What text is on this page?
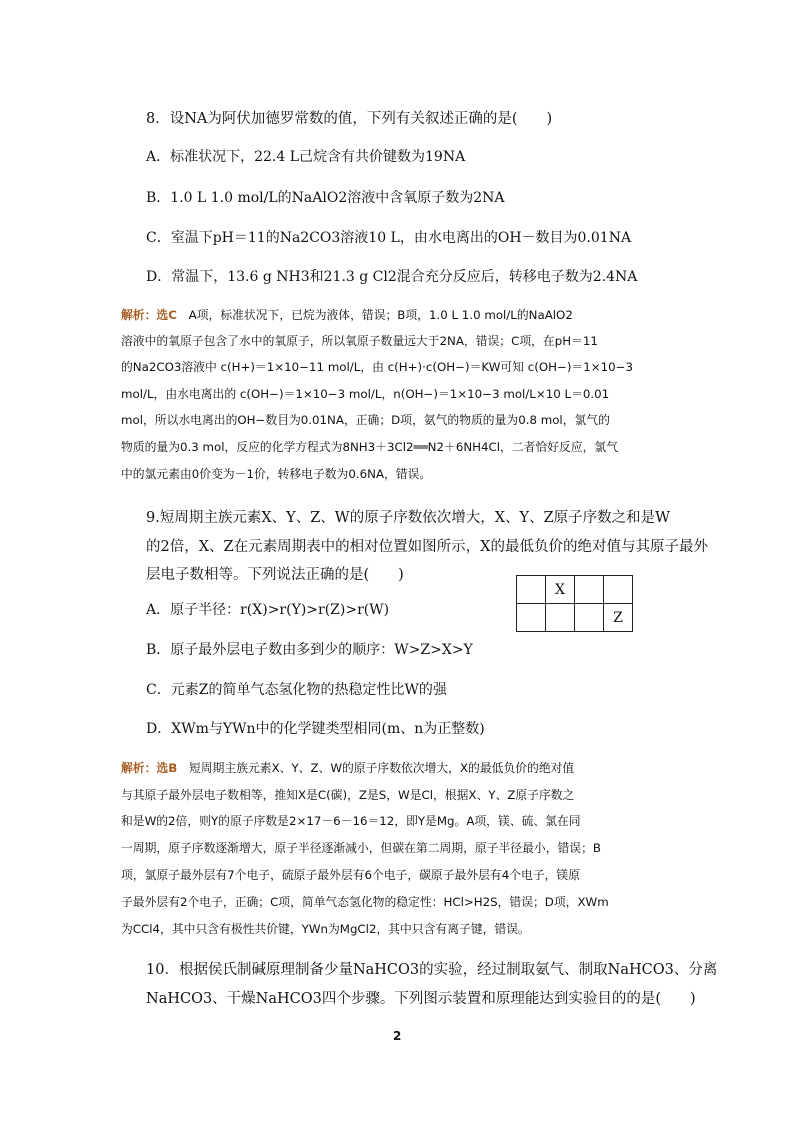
8．设NA为阿伏加德罗常数的值，下列有关叙述正确的是(　　)
A．标准状况下，22.4 L己烷含有共价键数为19NA
B．1.0 L 1.0 mol/L的NaAlO2溶液中含氧原子数为2NA
C．室温下pH＝11的Na2CO3溶液10 L，由水电离出的OH－数目为0.01NA
D．常温下，13.6 g NH3和21.3 g Cl2混合充分反应后，转移电子数为2.4NA
解析：选C　 A项，标准状况下，已烷为液体，错误；B项，1.0 L 1.0 mol/L的NaAlO2
溶液中的氧原子包含了水中的氧原子，所以氧原子数量远大于2NA，错误；C项，在pH＝11
的Na2CO3溶液中 c(H+)＝1×10−11 mol/L，由 c(H+)·c(OH−)＝KW可知 c(OH−)＝1×10−3
mol/L，由水电离出的 c(OH−)＝1×10−3 mol/L，n(OH−)＝1×10−3 mol/L×10 L＝0.01
mol，所以水电离出的OH−数目为0.01NA，正确；D项，氨气的物质的量为0.8 mol，氯气的
物质的量为0.3 mol，反应的化学方程式为8NH3＋3Cl2══N2＋6NH4Cl，二者恰好反应，氯气
中的氯元素由0价变为－1价，转移电子数为0.6NA，错误。
9.短周期主族元素X、Y、Z、W的原子序数依次增大，X、Y、Z原子序数之和是W
的2倍，X、Z在元素周期表中的相对位置如图所示，X的最低负价的绝对值与其原子最外
层电子数相等。下列说法正确的是(　　)
	X		
			Z
A．原子半径：r(X)>r(Y)>r(Z)>r(W)
B．原子最外层电子数由多到少的顺序：W>Z>X>Y
C．元素Z的简单气态氢化物的热稳定性比W的强
D．XWm与YWn中的化学键类型相同(m、n为正整数)
解析：选B　 短周期主族元素X、Y、Z、W的原子序数依次增大，X的最低负价的绝对值
与其原子最外层电子数相等，推知X是C(碳)，Z是S，W是Cl，根据X、Y、Z原子序数之
和是W的2倍，则Y的原子序数是2×17－6－16＝12，即Y是Mg。A项，镁、硫、氯在同
一周期，原子序数逐渐增大，原子半径逐渐减小，但碳在第二周期，原子半径最小，错误；B
项，氯原子最外层有7个电子，硫原子最外层有6个电子，碳原子最外层有4个电子，镁原
子最外层有2个电子，正确；C项，简单气态氢化物的稳定性：HCl>H2S，错误；D项，XWm
为CCl4，其中只含有极性共价键，YWn为MgCl2，其中只含有离子键，错误。
10．根据侯氏制碱原理制备少量NaHCO3的实验，经过制取氨气、制取NaHCO3、分离
NaHCO3、干燥NaHCO3四个步骤。下列图示装置和原理能达到实验目的的是(　　)
2
